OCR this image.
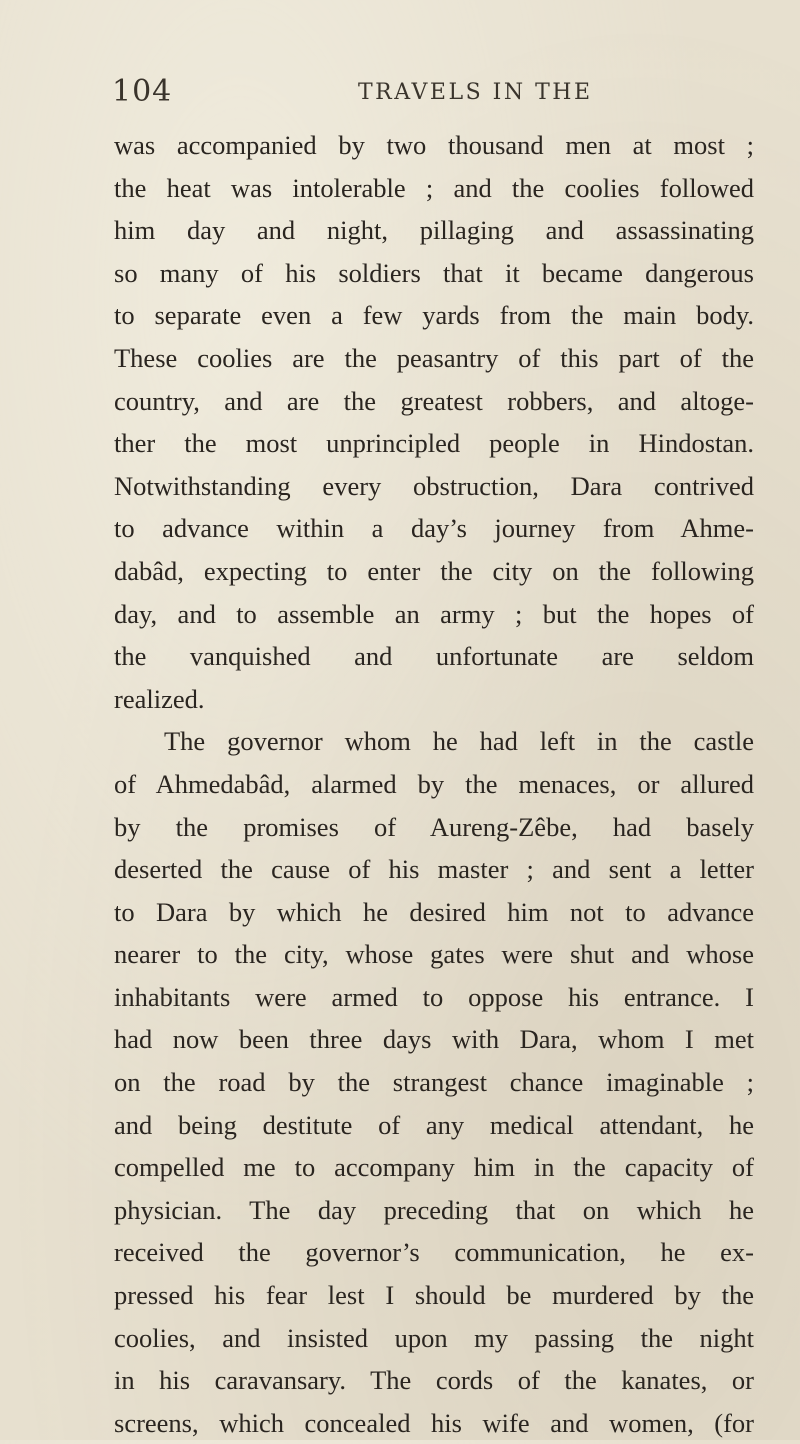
104	TRAVELS IN THE
was accompanied by two thousand men at most ;
the heat was intolerable ; and the coolies followed
him day and night, pillaging and assassinating
so many of his soldiers that it became dangerous
to separate even a few yards from the main body.
These coolies are the peasantry of this part of the
country, and are the greatest robbers, and altoge-
ther the most unprincipled people in Hindostan.
Notwithstanding every obstruction, Dara contrived
to advance within a day’s journey from Ahme-
dabâd, expecting to enter the city on the following
day, and to assemble an army ; but the hopes of
the vanquished and unfortunate are seldom
realized.
The governor whom he had left in the castle
of Ahmedabâd, alarmed by the menaces, or allured
by the promises of Aureng-Zêbe, had basely
deserted the cause of his master ; and sent a letter
to Dara by which he desired him not to advance
nearer to the city, whose gates were shut and whose
inhabitants were armed to oppose his entrance. I
had now been three days with Dara, whom I met
on the road by the strangest chance imaginable ;
and being destitute of any medical attendant, he
compelled me to accompany him in the capacity of
physician. The day preceding that on which he
received the governor’s communication, he ex-
pressed his fear lest I should be murdered by the
coolies, and insisted upon my passing the night
in his caravansary. The cords of the kanates, or
screens, which concealed his wife and women, (for
